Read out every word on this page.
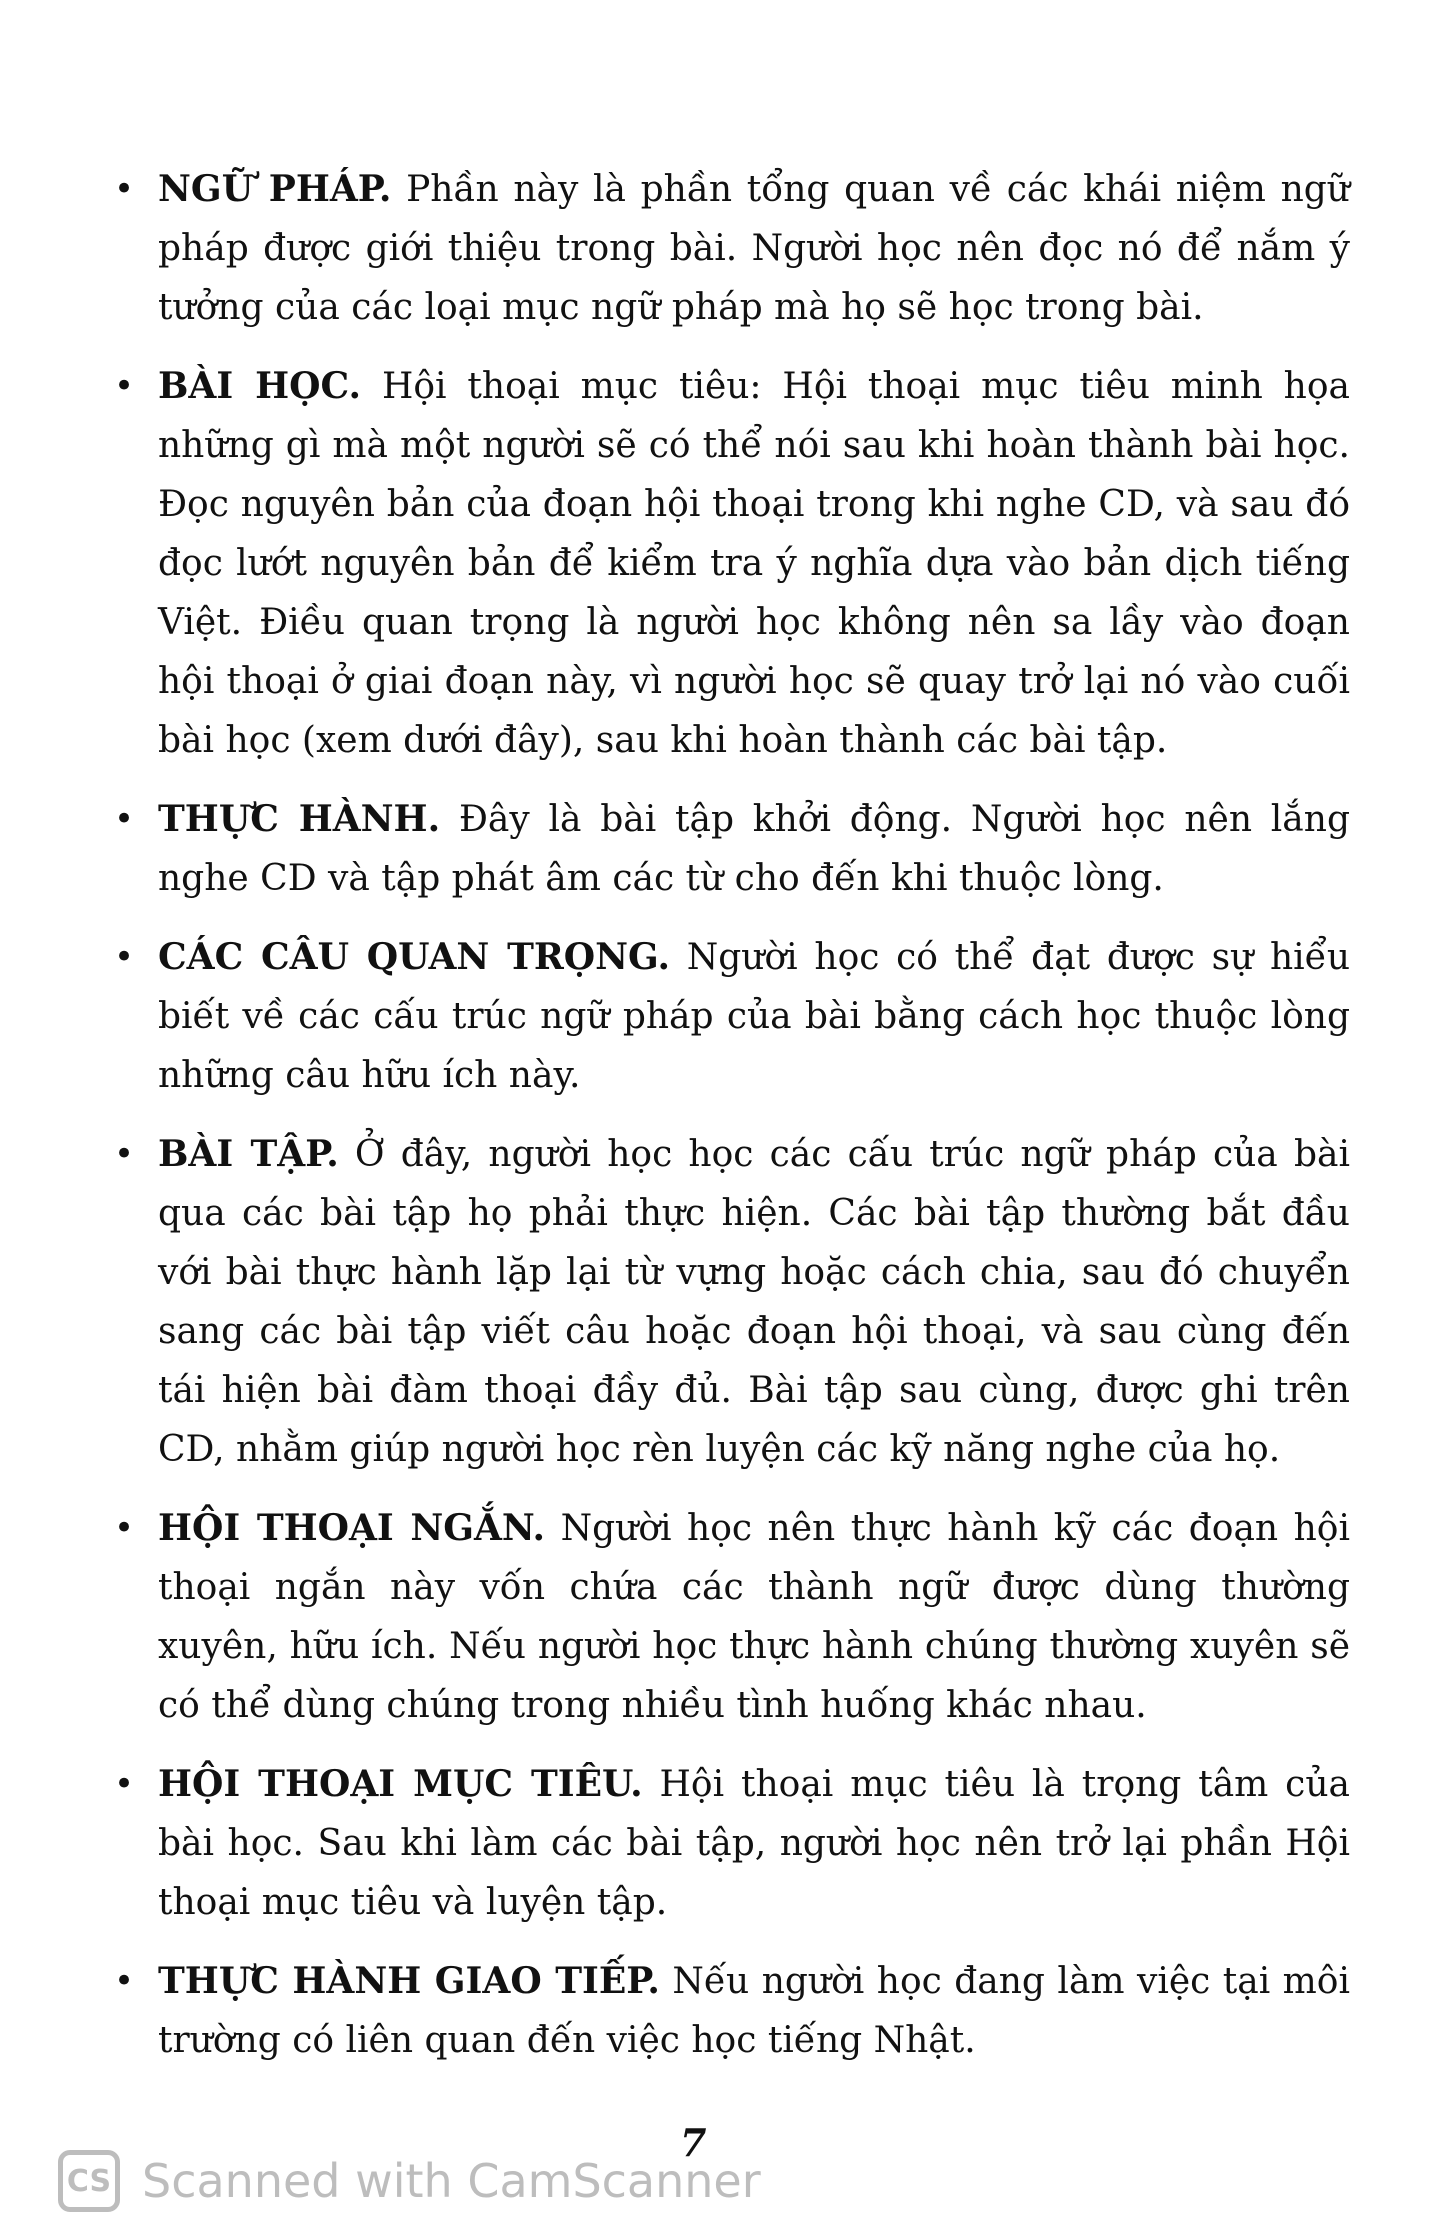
• NGỮ PHÁP. Phần này là phần tổng quan về các khái niệm ngữ pháp được giới thiệu trong bài. Người học nên đọc nó để nắm ý tưởng của các loại mục ngữ pháp mà họ sẽ học trong bài.
• BÀI HỌC. Hội thoại mục tiêu: Hội thoại mục tiêu minh họa những gì mà một người sẽ có thể nói sau khi hoàn thành bài học. Đọc nguyên bản của đoạn hội thoại trong khi nghe CD, và sau đó đọc lướt nguyên bản để kiểm tra ý nghĩa dựa vào bản dịch tiếng Việt. Điều quan trọng là người học không nên sa lầy vào đoạn hội thoại ở giai đoạn này, vì người học sẽ quay trở lại nó vào cuối bài học (xem dưới đây), sau khi hoàn thành các bài tập.
• THỰC HÀNH. Đây là bài tập khởi động. Người học nên lắng nghe CD và tập phát âm các từ cho đến khi thuộc lòng.
• CÁC CÂU QUAN TRỌNG. Người học có thể đạt được sự hiểu biết về các cấu trúc ngữ pháp của bài bằng cách học thuộc lòng những câu hữu ích này.
• BÀI TẬP. Ở đây, người học học các cấu trúc ngữ pháp của bài qua các bài tập họ phải thực hiện. Các bài tập thường bắt đầu với bài thực hành lặp lại từ vựng hoặc cách chia, sau đó chuyển sang các bài tập viết câu hoặc đoạn hội thoại, và sau cùng đến tái hiện bài đàm thoại đầy đủ. Bài tập sau cùng, được ghi trên CD, nhằm giúp người học rèn luyện các kỹ năng nghe của họ.
• HỘI THOẠI NGẮN. Người học nên thực hành kỹ các đoạn hội thoại ngắn này vốn chứa các thành ngữ được dùng thường xuyên, hữu ích. Nếu người học thực hành chúng thường xuyên sẽ có thể dùng chúng trong nhiều tình huống khác nhau.
• HỘI THOẠI MỤC TIÊU. Hội thoại mục tiêu là trọng tâm của bài học. Sau khi làm các bài tập, người học nên trở lại phần Hội thoại mục tiêu và luyện tập.
• THỰC HÀNH GIAO TIẾP. Nếu người học đang làm việc tại môi trường có liên quan đến việc học tiếng Nhật.
7
CS Scanned with CamScanner
